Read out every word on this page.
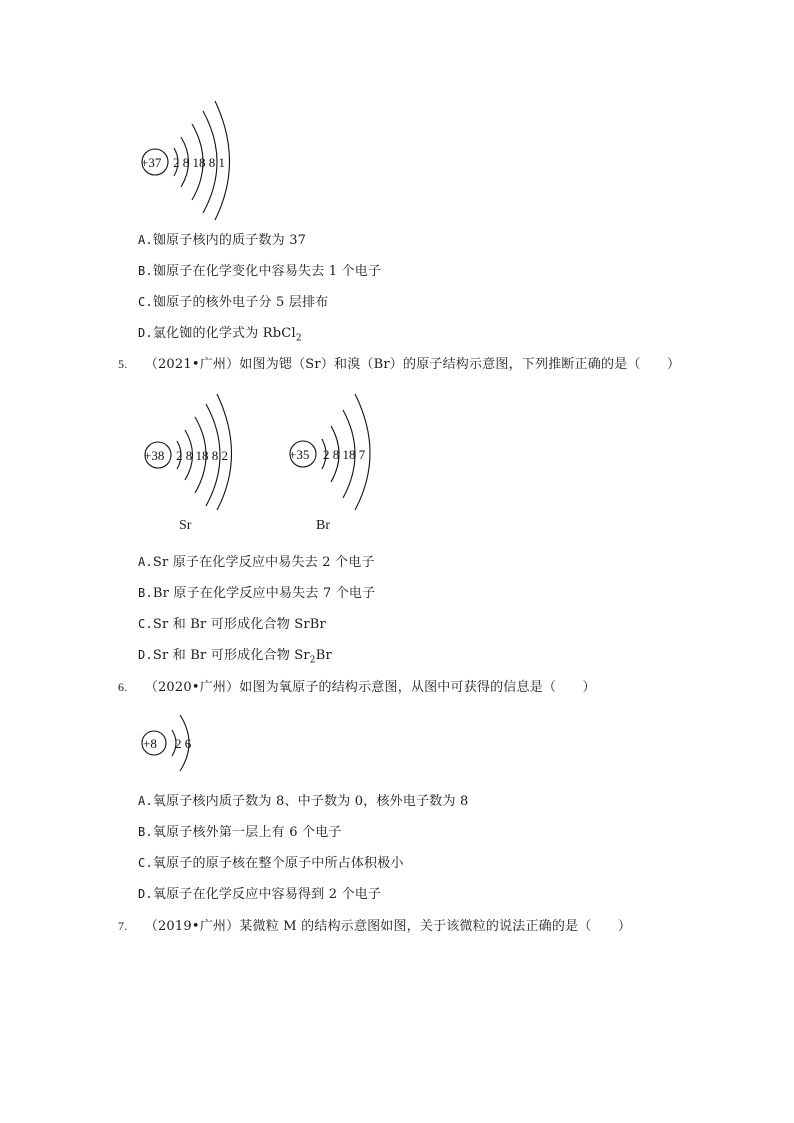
+37 2 8 18 8 1
A.铷原子核内的质子数为 37
B.铷原子在化学变化中容易失去 1 个电子
C.铷原子的核外电子分 5 层排布
D.氯化铷的化学式为 RbCl$_2$
5. （2021•广州）如图为锶（Sr）和溴（Br）的原子结构示意图，下列推断正确的是（　　）
+38 2 8 18 8 2
Sr
+35 2 8 18 7
Br
A.Sr 原子在化学反应中易失去 2 个电子
B.Br 原子在化学反应中易失去 7 个电子
C.Sr 和 Br 可形成化合物 SrBr
D.Sr 和 Br 可形成化合物 $Sr_2Br$
6. （2020•广州）如图为氧原子的结构示意图，从图中可获得的信息是（　　）
+8 2 6
A.氧原子核内质子数为 8、中子数为 0，核外电子数为 8
B.氧原子核外第一层上有 6 个电子
C.氧原子的原子核在整个原子中所占体积极小
D.氧原子在化学反应中容易得到 2 个电子
7. （2019•广州）某微粒 M 的结构示意图如图，关于该微粒的说法正确的是（　　）
